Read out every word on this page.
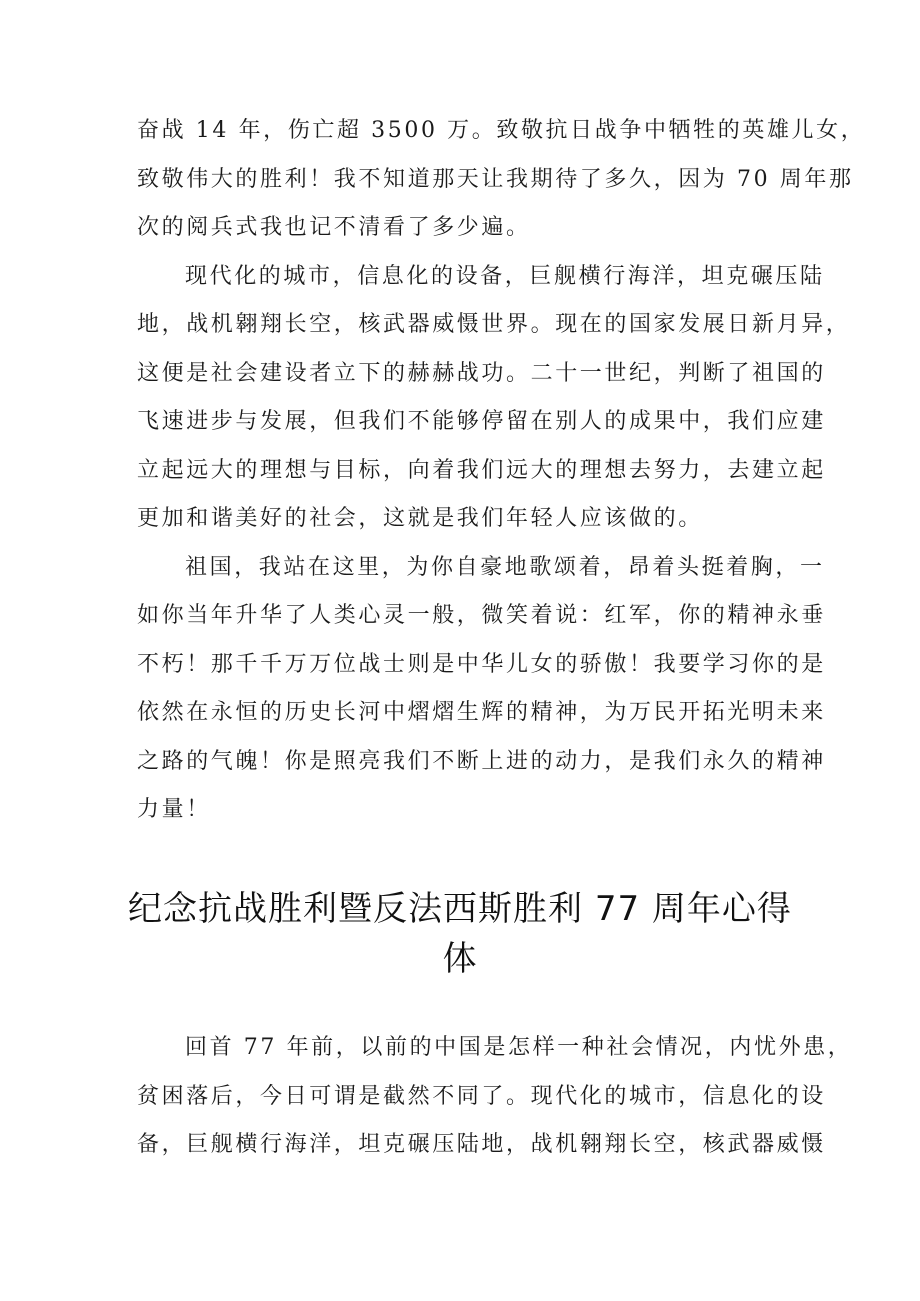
奋战 14 年，伤亡超 3500 万。致敬抗日战争中牺牲的英雄儿女，
致敬伟大的胜利！我不知道那天让我期待了多久，因为 70 周年那
次的阅兵式我也记不清看了多少遍。
现代化的城市，信息化的设备，巨舰横行海洋，坦克碾压陆
地，战机翱翔长空，核武器威慑世界。现在的国家发展日新月异，
这便是社会建设者立下的赫赫战功。二十一世纪，判断了祖国的
飞速进步与发展，但我们不能够停留在别人的成果中，我们应建
立起远大的理想与目标，向着我们远大的理想去努力，去建立起
更加和谐美好的社会，这就是我们年轻人应该做的。
祖国，我站在这里，为你自豪地歌颂着，昂着头挺着胸，一
如你当年升华了人类心灵一般，微笑着说：红军，你的精神永垂
不朽！那千千万万位战士则是中华儿女的骄傲！我要学习你的是
依然在永恒的历史长河中熠熠生辉的精神，为万民开拓光明未来
之路的气魄！你是照亮我们不断上进的动力，是我们永久的精神
力量！
纪念抗战胜利暨反法西斯胜利 77 周年心得
体
回首 77 年前，以前的中国是怎样一种社会情况，内忧外患，
贫困落后，今日可谓是截然不同了。现代化的城市，信息化的设
备，巨舰横行海洋，坦克碾压陆地，战机翱翔长空，核武器威慑
